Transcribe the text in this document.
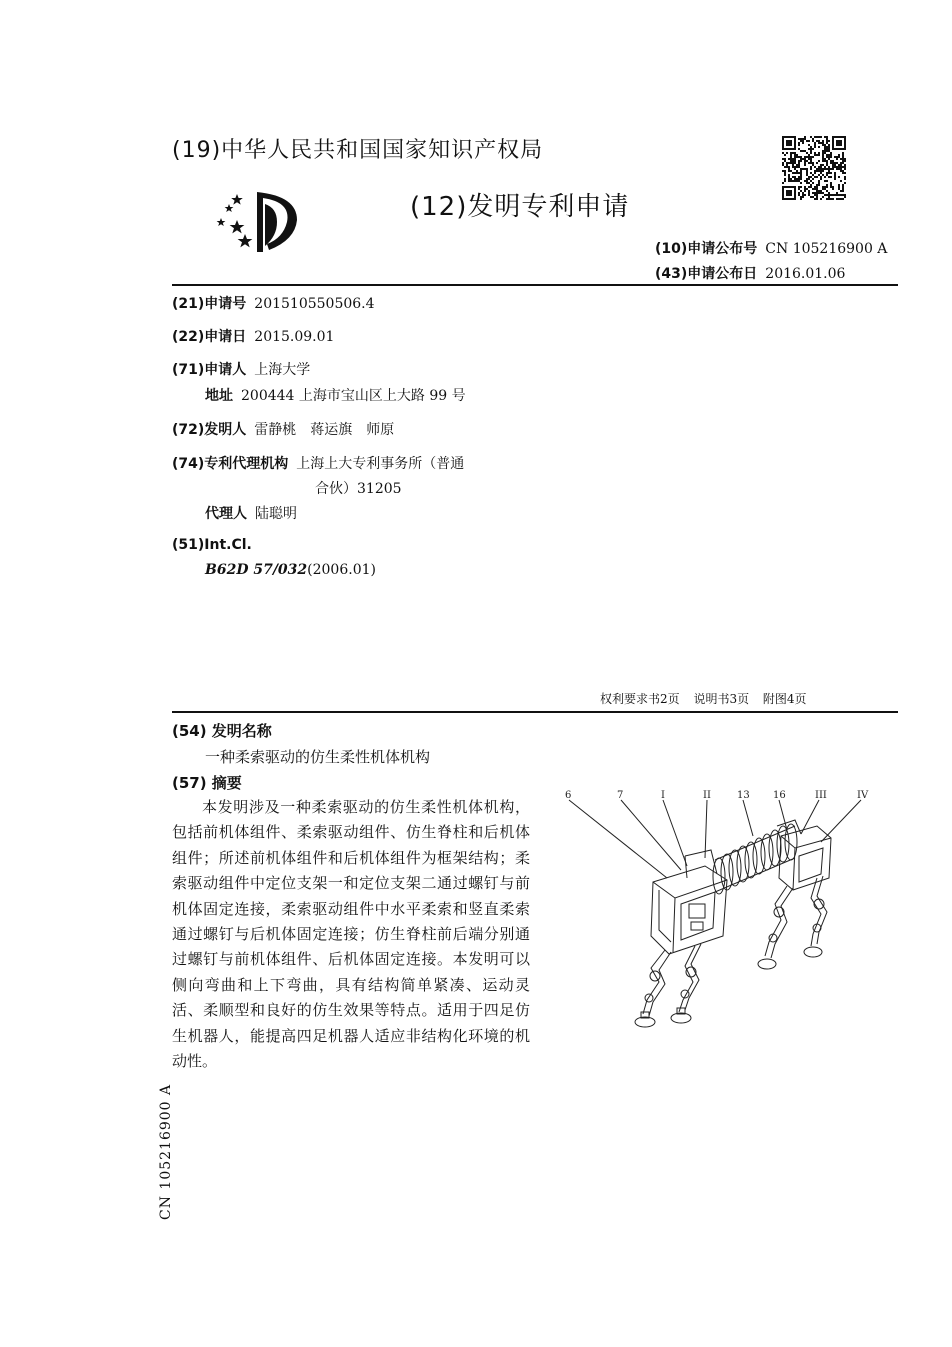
(19)中华人民共和国国家知识产权局
(12)发明专利申请
(10)申请公布号 CN 105216900 A
(43)申请公布日 2016.01.06
(21)申请号 201510550506.4
(22)申请日 2015.09.01
(71)申请人 上海大学
地址 200444 上海市宝山区上大路 99 号
(72)发明人 雷静桃　蒋运旗　师原
(74)专利代理机构 上海上大专利事务所（普通
合伙）31205
代理人 陆聪明
(51)Int.Cl.
B62D 57/032(2006.01)
权利要求书2页 说明书3页 附图4页
(54) 发明名称
一种柔索驱动的仿生柔性机体机构
(57) 摘要
本发明涉及一种柔索驱动的仿生柔性机体机构，包括前机体组件、柔索驱动组件、仿生脊柱和后机体组件；所述前机体组件和后机体组件为框架结构；柔索驱动组件中定位支架一和定位支架二通过螺钉与前机体固定连接，柔索驱动组件中水平柔索和竖直柔索通过螺钉与后机体固定连接；仿生脊柱前后端分别通过螺钉与前机体组件、后机体固定连接。本发明可以侧向弯曲和上下弯曲，具有结构简单紧凑、运动灵活、柔顺型和良好的仿生效果等特点。适用于四足仿生机器人，能提高四足机器人适应非结构化环境的机动性。
6	7	I	II	13 16	III	IV
CN 105216900 A
